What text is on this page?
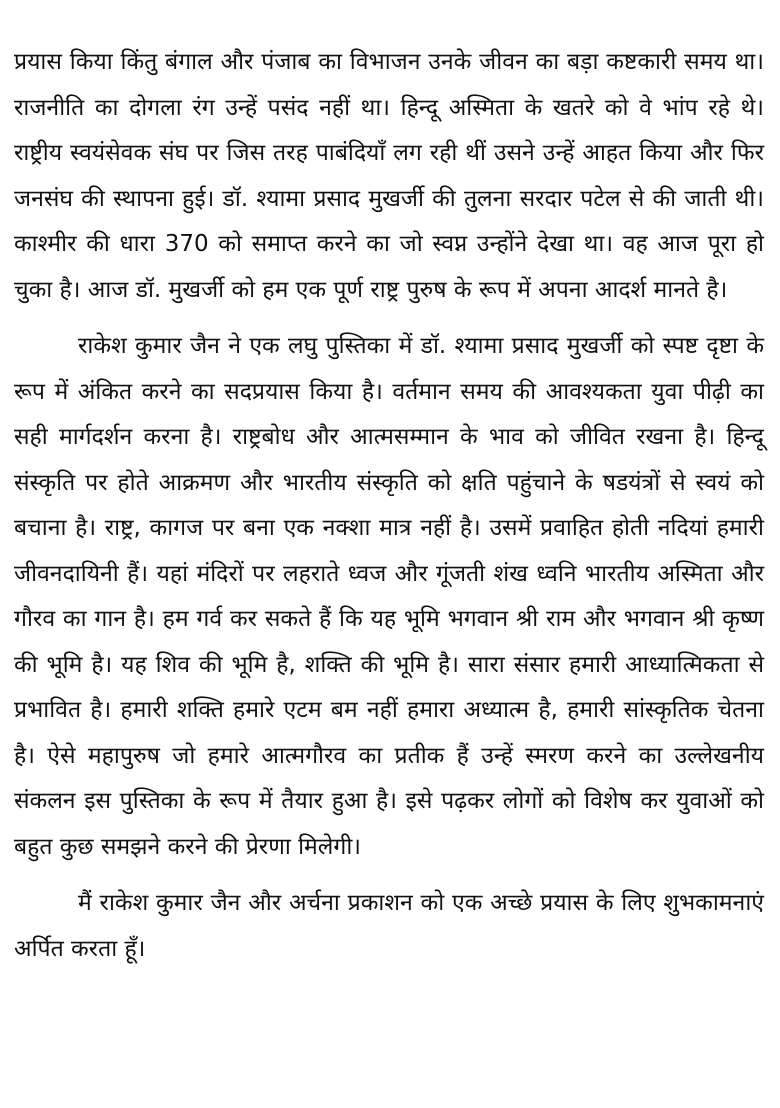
प्रयास किया किंतु बंगाल और पंजाब का विभाजन उनके जीवन का बड़ा कष्टकारी समय था। राजनीति का दोगला रंग उन्हें पसंद नहीं था। हिन्दू अस्मिता के खतरे को वे भांप रहे थे। राष्ट्रीय स्वयंसेवक संघ पर जिस तरह पाबंदियाँ लग रही थीं उसने उन्हें आहत किया और फिर जनसंघ की स्थापना हुई। डॉ. श्यामा प्रसाद मुखर्जी की तुलना सरदार पटेल से की जाती थी। काश्मीर की धारा 370 को समाप्त करने का जो स्वप्न उन्होंने देखा था। वह आज पूरा हो चुका है। आज डॉ. मुखर्जी को हम एक पूर्ण राष्ट्र पुरुष के रूप में अपना आदर्श मानते है।

राकेश कुमार जैन ने एक लघु पुस्तिका में डॉ. श्यामा प्रसाद मुखर्जी को स्पष्ट दृष्टा के रूप में अंकित करने का सदप्रयास किया है। वर्तमान समय की आवश्यकता युवा पीढ़ी का सही मार्गदर्शन करना है। राष्ट्रबोध और आत्मसम्मान के भाव को जीवित रखना है। हिन्दू संस्कृति पर होते आक्रमण और भारतीय संस्कृति को क्षति पहुंचाने के षडयंत्रों से स्वयं को बचाना है। राष्ट्र, कागज पर बना एक नक्शा मात्र नहीं है। उसमें प्रवाहित होती नदियां हमारी जीवनदायिनी हैं। यहां मंदिरों पर लहराते ध्वज और गूंजती शंख ध्वनि भारतीय अस्मिता और गौरव का गान है। हम गर्व कर सकते हैं कि यह भूमि भगवान श्री राम और भगवान श्री कृष्ण की भूमि है। यह शिव की भूमि है, शक्ति की भूमि है। सारा संसार हमारी आध्यात्मिकता से प्रभावित है। हमारी शक्ति हमारे एटम बम नहीं हमारा अध्यात्म है, हमारी सांस्कृतिक चेतना है। ऐसे महापुरुष जो हमारे आत्मगौरव का प्रतीक हैं उन्हें स्मरण करने का उल्लेखनीय संकलन इस पुस्तिका के रूप में तैयार हुआ है। इसे पढ़कर लोगों को विशेष कर युवाओं को बहुत कुछ समझने करने की प्रेरणा मिलेगी।

मैं राकेश कुमार जैन और अर्चना प्रकाशन को एक अच्छे प्रयास के लिए शुभकामनाएं अर्पित करता हूँ।
